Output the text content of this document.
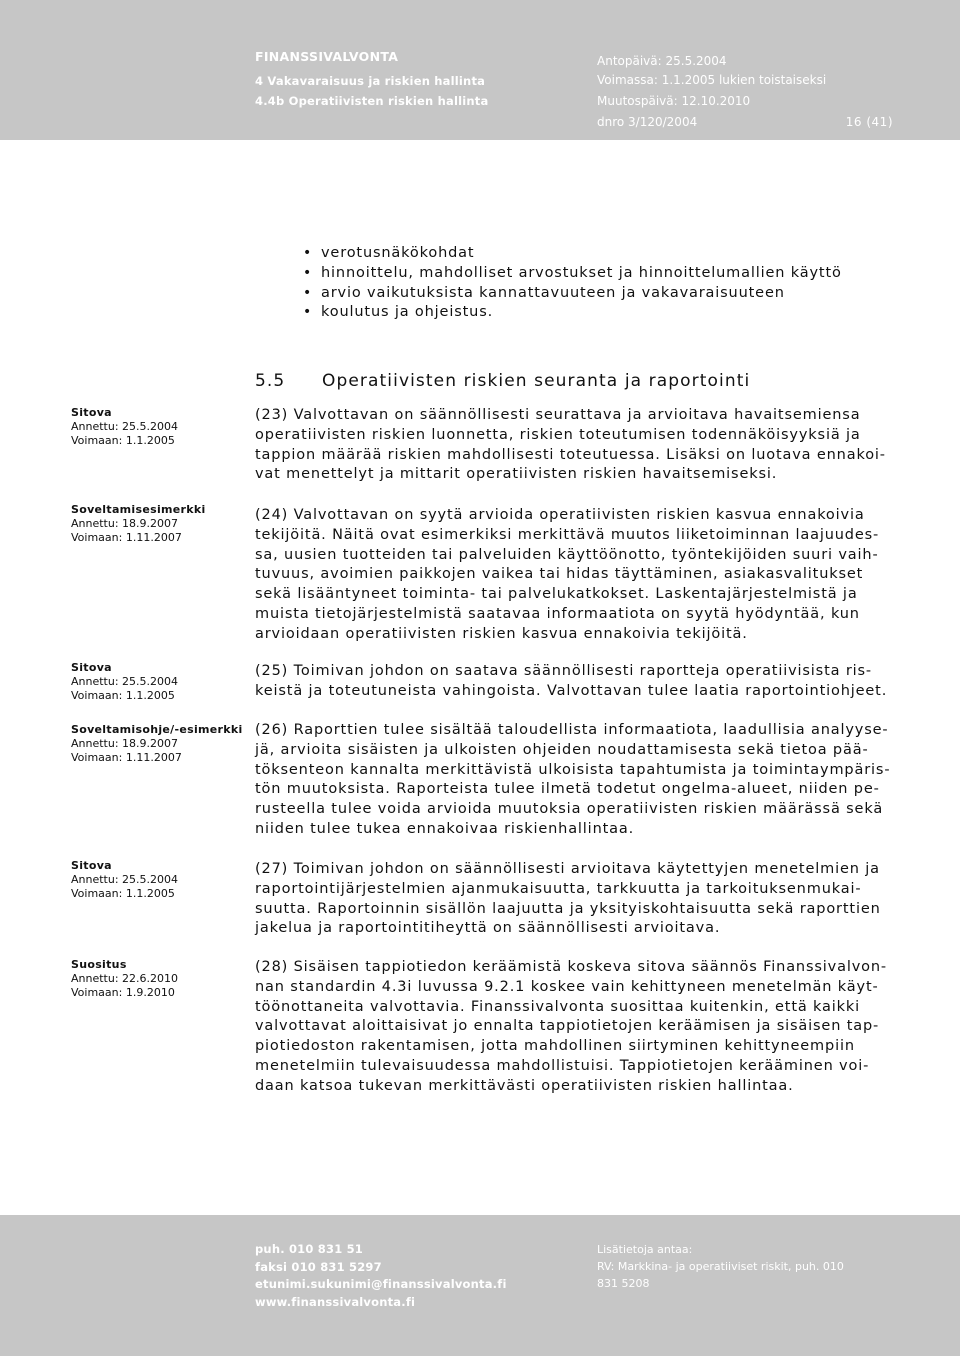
FINANSSIVALVONTA
4 Vakavaraisuus ja riskien hallinta
4.4b Operatiivisten riskien hallinta
Antopäivä: 25.5.2004
Voimassa: 1.1.2005 lukien toistaiseksi
Muutospäivä: 12.10.2010
dnro 3/120/2004	16 (41)
•
verotusnäkökohdat
•
hinnoittelu, mahdolliset arvostukset ja hinnoittelumallien käyttö
•
arvio vaikutuksista kannattavuuteen ja vakavaraisuuteen
•
koulutus ja ohjeistus.
5.5 Operatiivisten riskien seuranta ja raportointi
Sitova
Annettu: 25.5.2004
Voimaan: 1.1.2005
Soveltamisesimerkki
Annettu: 18.9.2007
Voimaan: 1.11.2007
Sitova
Annettu: 25.5.2004
Voimaan: 1.1.2005
Soveltamisohje/-esimerkki
Annettu: 18.9.2007
Voimaan: 1.11.2007
Sitova
Annettu: 25.5.2004
Voimaan: 1.1.2005
Suositus
Annettu: 22.6.2010
Voimaan: 1.9.2010
(23) Valvottavan on säännöllisesti seurattava ja arvioitava havaitsemiensa
operatiivisten riskien luonnetta, riskien toteutumisen todennäköisyyksiä ja
tappion määrää riskien mahdollisesti toteutuessa. Lisäksi on luotava ennakoi-
vat menettelyt ja mittarit operatiivisten riskien havaitsemiseksi.
(24) Valvottavan on syytä arvioida operatiivisten riskien kasvua ennakoivia
tekijöitä. Näitä ovat esimerkiksi merkittävä muutos liiketoiminnan laajuudes-
sa, uusien tuotteiden tai palveluiden käyttöönotto, työntekijöiden suuri vaih-
tuvuus, avoimien paikkojen vaikea tai hidas täyttäminen, asiakasvalitukset
sekä lisääntyneet toiminta- tai palvelukatkokset. Laskentajärjestelmistä ja
muista tietojärjestelmistä saatavaa informaatiota on syytä hyödyntää, kun
arvioidaan operatiivisten riskien kasvua ennakoivia tekijöitä.
(25) Toimivan johdon on saatava säännöllisesti raportteja operatiivisista ris-
keistä ja toteutuneista vahingoista. Valvottavan tulee laatia raportointiohjeet.
(26) Raporttien tulee sisältää taloudellista informaatiota, laadullisia analyyse-
jä, arvioita sisäisten ja ulkoisten ohjeiden noudattamisesta sekä tietoa pää-
töksenteon kannalta merkittävistä ulkoisista tapahtumista ja toimintaympäris-
tön muutoksista. Raporteista tulee ilmetä todetut ongelma-alueet, niiden pe-
rusteella tulee voida arvioida muutoksia operatiivisten riskien määrässä sekä
niiden tulee tukea ennakoivaa riskienhallintaa.
(27) Toimivan johdon on säännöllisesti arvioitava käytettyjen menetelmien ja
raportointijärjestelmien ajanmukaisuutta, tarkkuutta ja tarkoituksenmukai-
suutta. Raportoinnin sisällön laajuutta ja yksityiskohtaisuutta sekä raporttien
jakelua ja raportointitiheyttä on säännöllisesti arvioitava.
(28) Sisäisen tappiotiedon keräämistä koskeva sitova säännös Finanssivalvon-
nan standardin 4.3i luvussa 9.2.1 koskee vain kehittyneen menetelmän käyt-
töönottaneita valvottavia. Finanssivalvonta suosittaa kuitenkin, että kaikki
valvottavat aloittaisivat jo ennalta tappiotietojen keräämisen ja sisäisen tap-
piotiedoston rakentamisen, jotta mahdollinen siirtyminen kehittyneempiin
menetelmiin tulevaisuudessa mahdollistuisi. Tappiotietojen kerääminen voi-
daan katsoa tukevan merkittävästi operatiivisten riskien hallintaa.
puh. 010 831 51
faksi 010 831 5297
etunimi.sukunimi@finanssivalvonta.fi
www.finanssivalvonta.fi
Lisätietoja antaa:
RV: Markkina- ja operatiiviset riskit, puh. 010
831 5208
